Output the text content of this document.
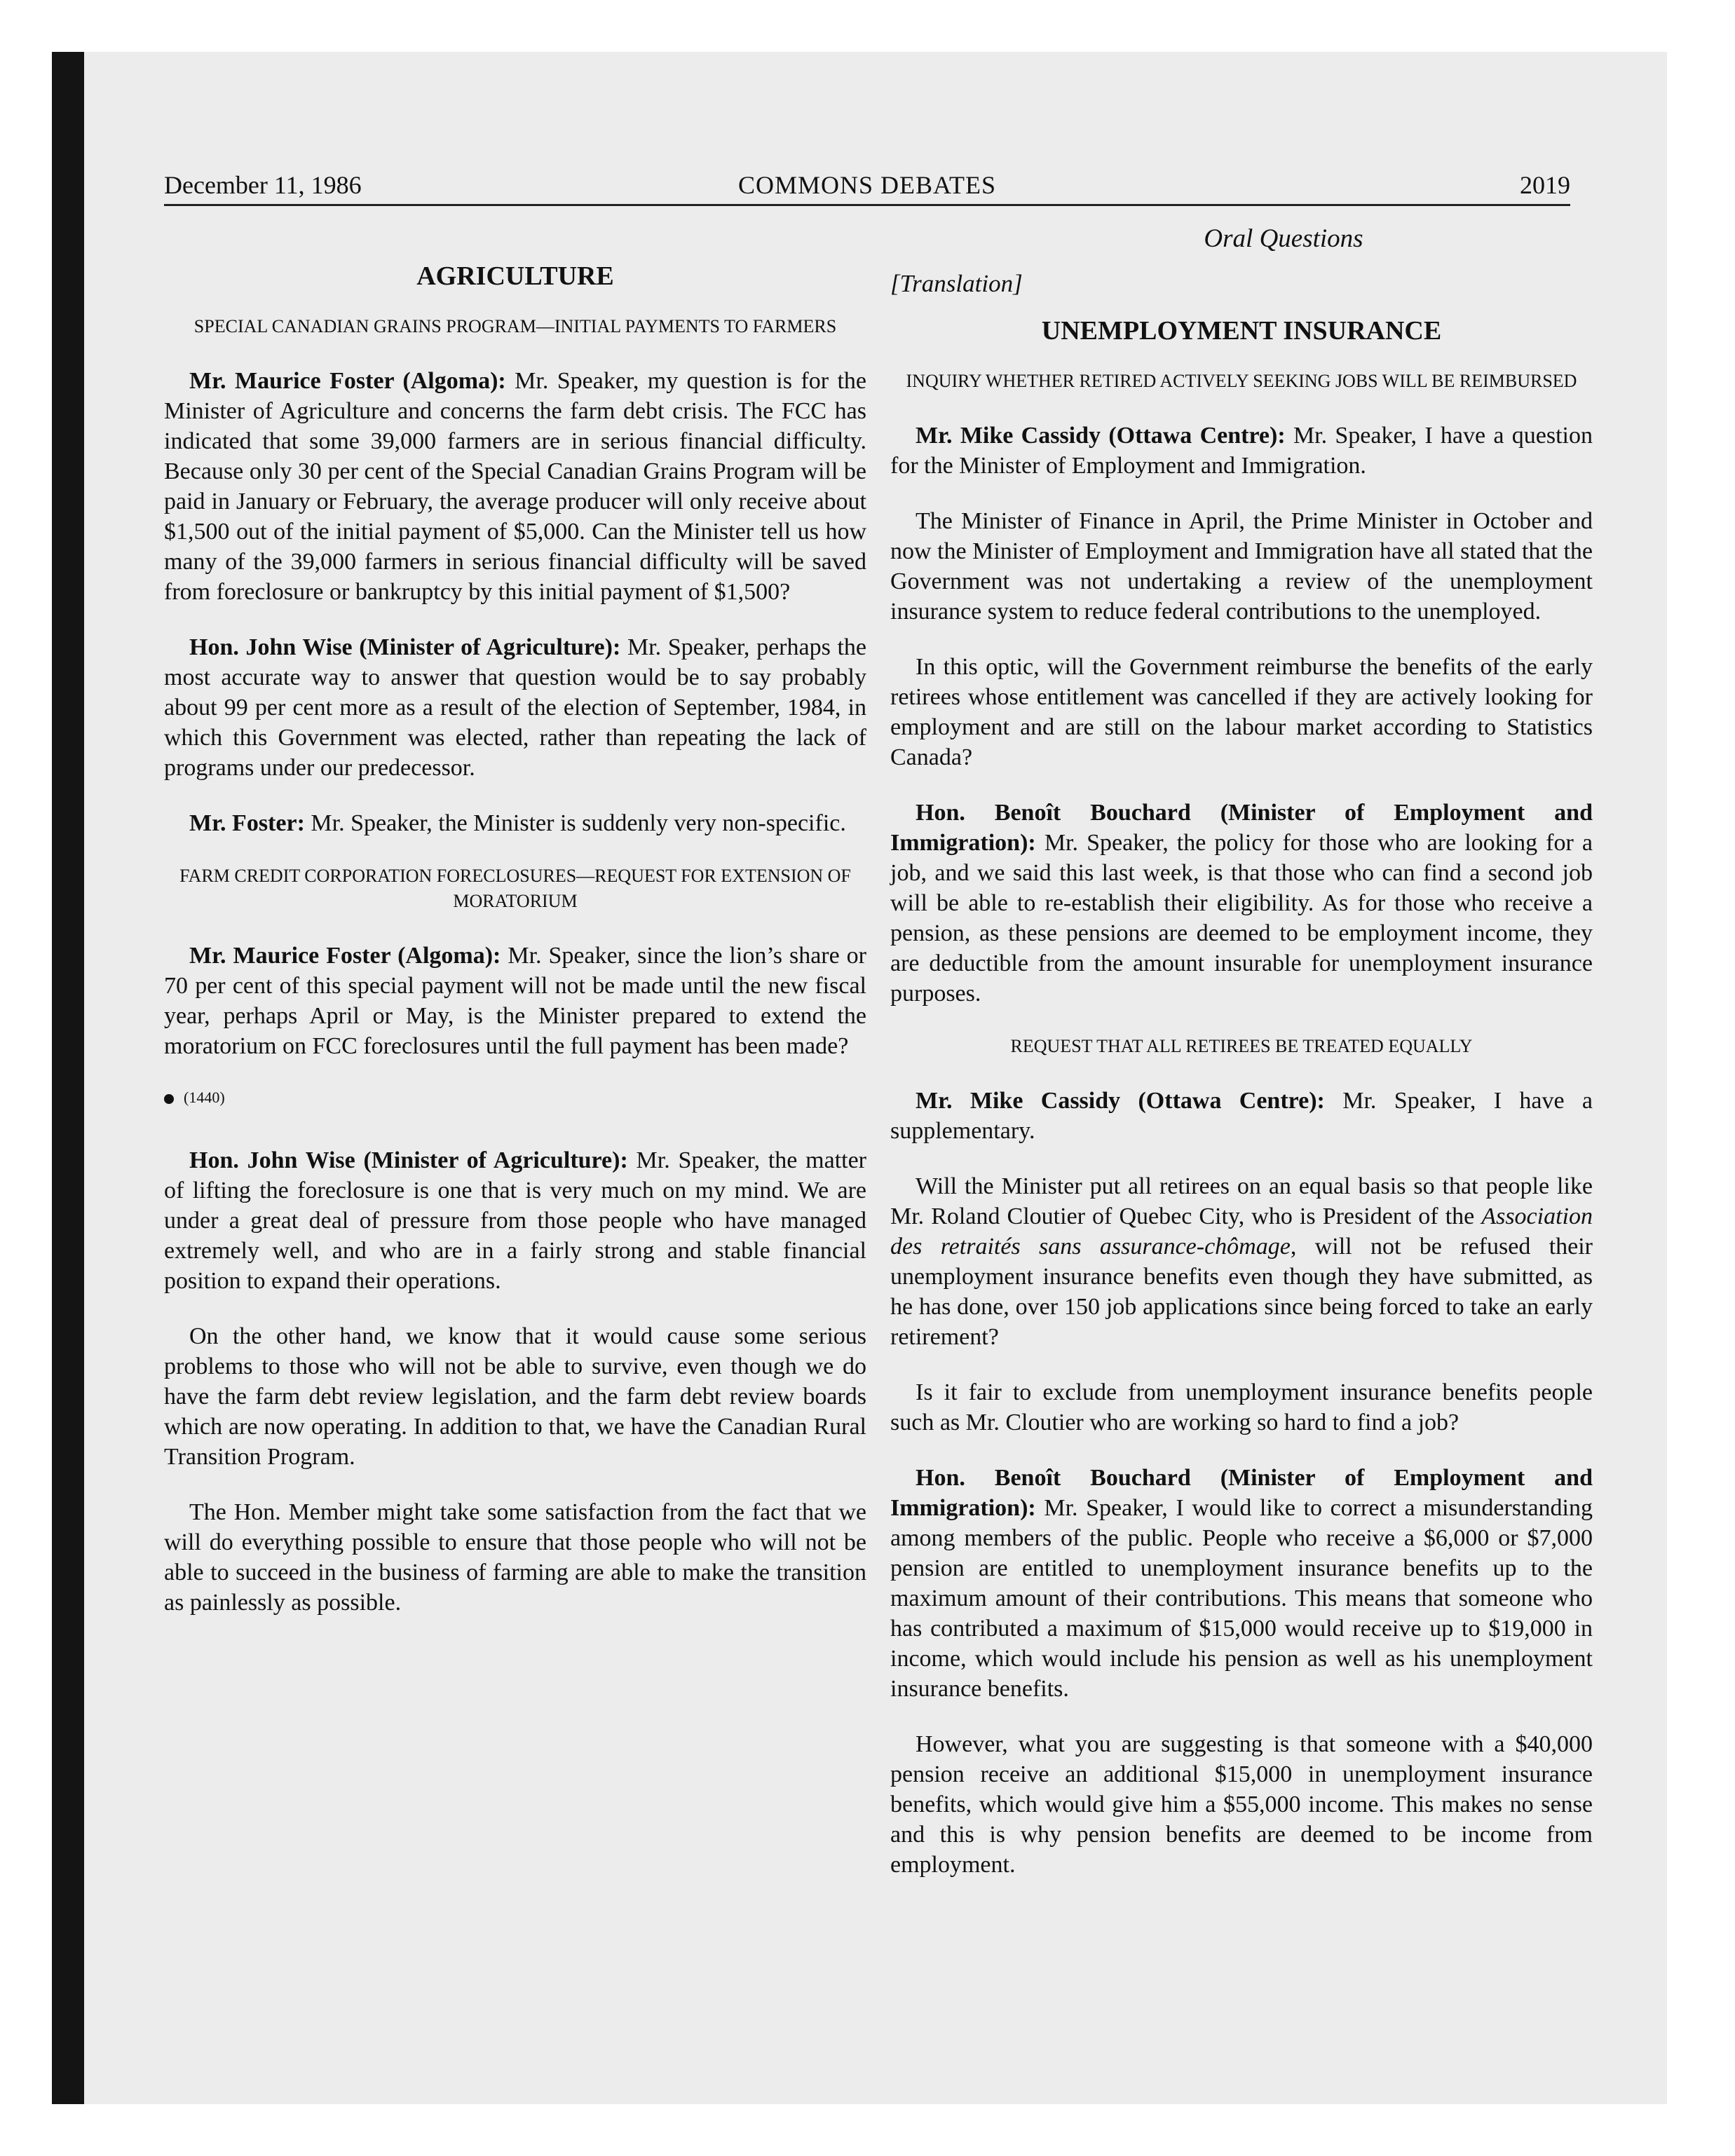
December 11, 1986	COMMONS DEBATES	2019
AGRICULTURE
SPECIAL CANADIAN GRAINS PROGRAM—INITIAL PAYMENTS TO FARMERS

Mr. Maurice Foster (Algoma): Mr. Speaker, my question is for the Minister of Agriculture and concerns the farm debt crisis. The FCC has indicated that some 39,000 farmers are in serious financial difficulty. Because only 30 per cent of the Special Canadian Grains Program will be paid in January or February, the average producer will only receive about $1,500 out of the initial payment of $5,000. Can the Minister tell us how many of the 39,000 farmers in serious financial difficulty will be saved from foreclosure or bankruptcy by this initial payment of $1,500?

Hon. John Wise (Minister of Agriculture): Mr. Speaker, perhaps the most accurate way to answer that question would be to say probably about 99 per cent more as a result of the election of September, 1984, in which this Government was elected, rather than repeating the lack of programs under our predecessor.

Mr. Foster: Mr. Speaker, the Minister is suddenly very non-specific.

FARM CREDIT CORPORATION FORECLOSURES—REQUEST FOR EXTENSION OF MORATORIUM

Mr. Maurice Foster (Algoma): Mr. Speaker, since the lion’s share or 70 per cent of this special payment will not be made until the new fiscal year, perhaps April or May, is the Minister prepared to extend the moratorium on FCC foreclosures until the full payment has been made?

(1440)

Hon. John Wise (Minister of Agriculture): Mr. Speaker, the matter of lifting the foreclosure is one that is very much on my mind. We are under a great deal of pressure from those people who have managed extremely well, and who are in a fairly strong and stable financial position to expand their operations.

On the other hand, we know that it would cause some serious problems to those who will not be able to survive, even though we do have the farm debt review legislation, and the farm debt review boards which are now operating. In addition to that, we have the Canadian Rural Transition Program.

The Hon. Member might take some satisfaction from the fact that we will do everything possible to ensure that those people who will not be able to succeed in the business of farming are able to make the transition as painlessly as possible.

Oral Questions
[Translation]
UNEMPLOYMENT INSURANCE
INQUIRY WHETHER RETIRED ACTIVELY SEEKING JOBS WILL BE REIMBURSED

Mr. Mike Cassidy (Ottawa Centre): Mr. Speaker, I have a question for the Minister of Employment and Immigration.

The Minister of Finance in April, the Prime Minister in October and now the Minister of Employment and Immigration have all stated that the Government was not undertaking a review of the unemployment insurance system to reduce federal contributions to the unemployed.

In this optic, will the Government reimburse the benefits of the early retirees whose entitlement was cancelled if they are actively looking for employment and are still on the labour market according to Statistics Canada?

Hon. Benoît Bouchard (Minister of Employment and Immigration): Mr. Speaker, the policy for those who are looking for a job, and we said this last week, is that those who can find a second job will be able to re-establish their eligibility. As for those who receive a pension, as these pensions are deemed to be employment income, they are deductible from the amount insurable for unemployment insurance purposes.

REQUEST THAT ALL RETIREES BE TREATED EQUALLY

Mr. Mike Cassidy (Ottawa Centre): Mr. Speaker, I have a supplementary.

Will the Minister put all retirees on an equal basis so that people like Mr. Roland Cloutier of Quebec City, who is President of the Association des retraités sans assurance-chômage, will not be refused their unemployment insurance benefits even though they have submitted, as he has done, over 150 job applications since being forced to take an early retirement?

Is it fair to exclude from unemployment insurance benefits people such as Mr. Cloutier who are working so hard to find a job?

Hon. Benoît Bouchard (Minister of Employment and Immigration): Mr. Speaker, I would like to correct a misunderstanding among members of the public. People who receive a $6,000 or $7,000 pension are entitled to unemployment insurance benefits up to the maximum amount of their contributions. This means that someone who has contributed a maximum of $15,000 would receive up to $19,000 in income, which would include his pension as well as his unemployment insurance benefits.

However, what you are suggesting is that someone with a $40,000 pension receive an additional $15,000 in unemployment insurance benefits, which would give him a $55,000 income. This makes no sense and this is why pension benefits are deemed to be income from employment.
